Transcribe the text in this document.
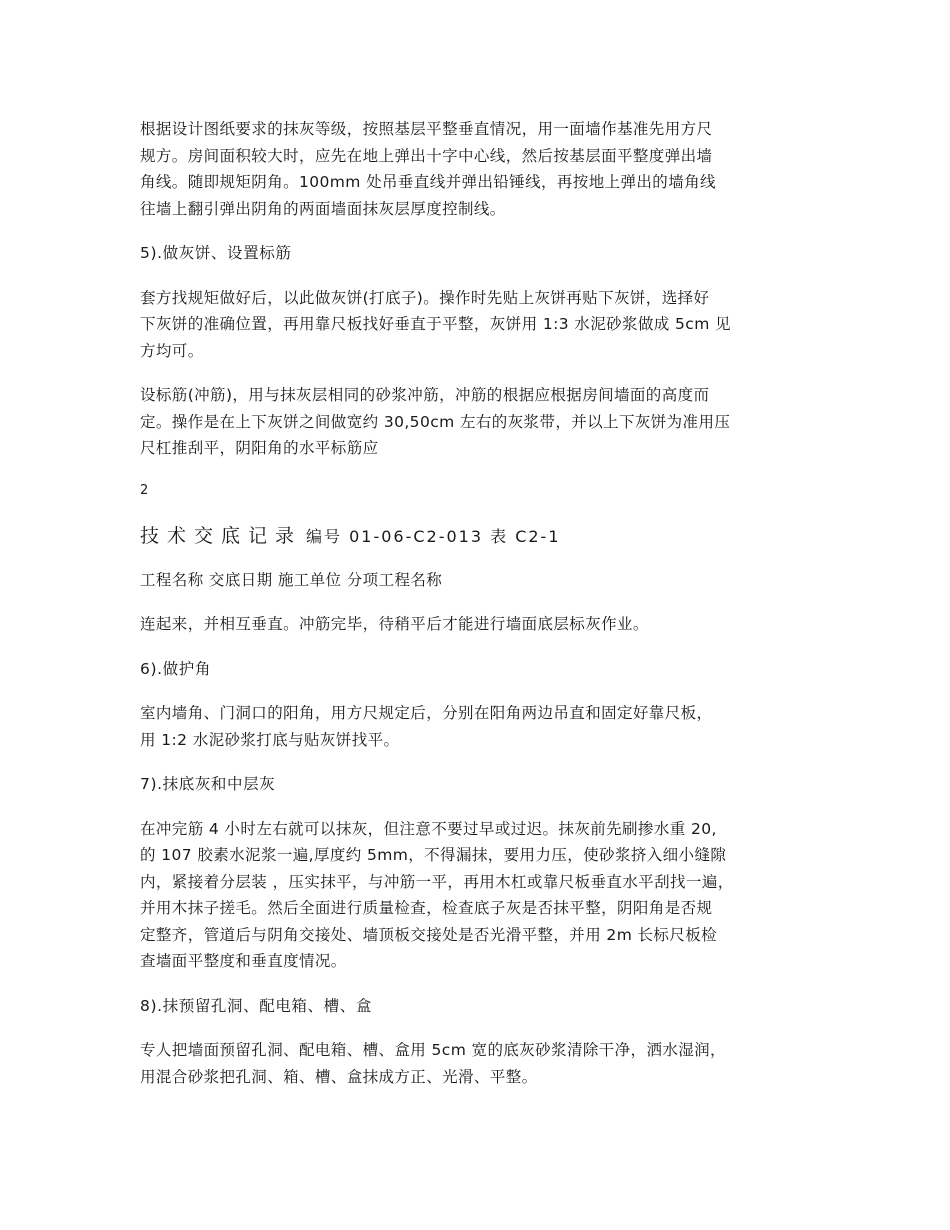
根据设计图纸要求的抹灰等级，按照基层平整垂直情况，用一面墙作基准先用方尺
规方。房间面积较大时，应先在地上弹出十字中心线，然后按基层面平整度弹出墙
角线。随即规矩阴角。100mm 处吊垂直线并弹出铅锤线，再按地上弹出的墙角线
往墙上翻引弹出阴角的两面墙面抹灰层厚度控制线。

5).做灰饼、设置标筋

套方找规矩做好后，以此做灰饼(打底子)。操作时先贴上灰饼再贴下灰饼，选择好
下灰饼的准确位置，再用靠尺板找好垂直于平整，灰饼用 1:3 水泥砂浆做成 5cm 见
方均可。

设标筋(冲筋)，用与抹灰层相同的砂浆冲筋，冲筋的根据应根据房间墙面的高度而
定。操作是在上下灰饼之间做宽约 30,50cm 左右的灰浆带，并以上下灰饼为准用压
尺杠推刮平，阴阳角的水平标筋应

2
技术交底记录 编号 01-06-C2-013 表 C2-1

工程名称 交底日期 施工单位 分项工程名称

连起来，并相互垂直。冲筋完毕，待稍平后才能进行墙面底层标灰作业。

6).做护角

室内墙角、门洞口的阳角，用方尺规定后，分别在阳角两边吊直和固定好靠尺板，
用 1:2 水泥砂浆打底与贴灰饼找平。

7).抹底灰和中层灰

在冲完筋 4 小时左右就可以抹灰，但注意不要过早或过迟。抹灰前先刷掺水重 20,
的 107 胶素水泥浆一遍,厚度约 5mm，不得漏抹，要用力压，使砂浆挤入细小缝隙
内，紧接着分层装 ，压实抹平，与冲筋一平，再用木杠或靠尺板垂直水平刮找一遍，
并用木抹子搓毛。然后全面进行质量检查，检查底子灰是否抹平整，阴阳角是否规
定整齐，管道后与阴角交接处、墙顶板交接处是否光滑平整，并用 2m 长标尺板检
查墙面平整度和垂直度情况。

8).抹预留孔洞、配电箱、槽、盒

专人把墙面预留孔洞、配电箱、槽、盒用 5cm 宽的底灰砂浆清除干净，洒水湿润，
用混合砂浆把孔洞、箱、槽、盒抹成方正、光滑、平整。
